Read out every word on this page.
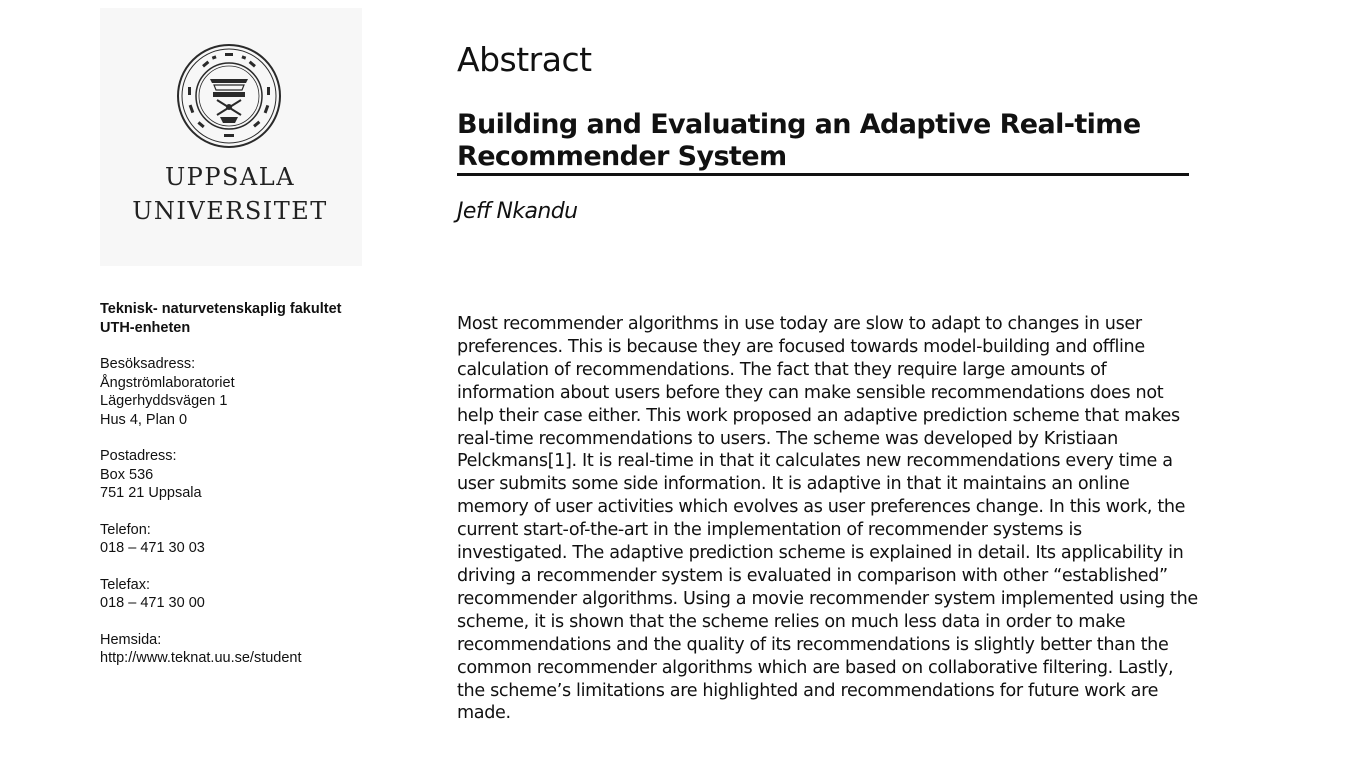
UPPSALA
UNIVERSITET
Teknisk- naturvetenskaplig fakultet
UTH-enheten
Besöksadress:
Ångströmlaboratoriet
Lägerhyddsvägen 1
Hus 4, Plan 0
Postadress:
Box 536
751 21 Uppsala
Telefon:
018 – 471 30 03
Telefax:
018 – 471 30 00
Hemsida:
http://www.teknat.uu.se/student
Abstract
Building and Evaluating an Adaptive Real-time
Recommender System
Jeff Nkandu
Most recommender algorithms in use today are slow to adapt to changes in user
preferences. This is because they are focused towards model-building and offline
calculation of recommendations. The fact that they require large amounts of
information about users before they can make sensible recommendations does not
help their case either. This work proposed an adaptive prediction scheme that makes
real-time recommendations to users. The scheme was developed by Kristiaan
Pelckmans[1]. It is real-time in that it calculates new recommendations every time a
user submits some side information. It is adaptive in that it maintains an online
memory of user activities which evolves as user preferences change. In this work, the
current start-of-the-art in the implementation of recommender systems is
investigated. The adaptive prediction scheme is explained in detail. Its applicability in
driving a recommender system is evaluated in comparison with other “established”
recommender algorithms. Using a movie recommender system implemented using the
scheme, it is shown that the scheme relies on much less data in order to make
recommendations and the quality of its recommendations is slightly better than the
common recommender algorithms which are based on collaborative filtering. Lastly,
the scheme’s limitations are highlighted and recommendations for future work are
made.
